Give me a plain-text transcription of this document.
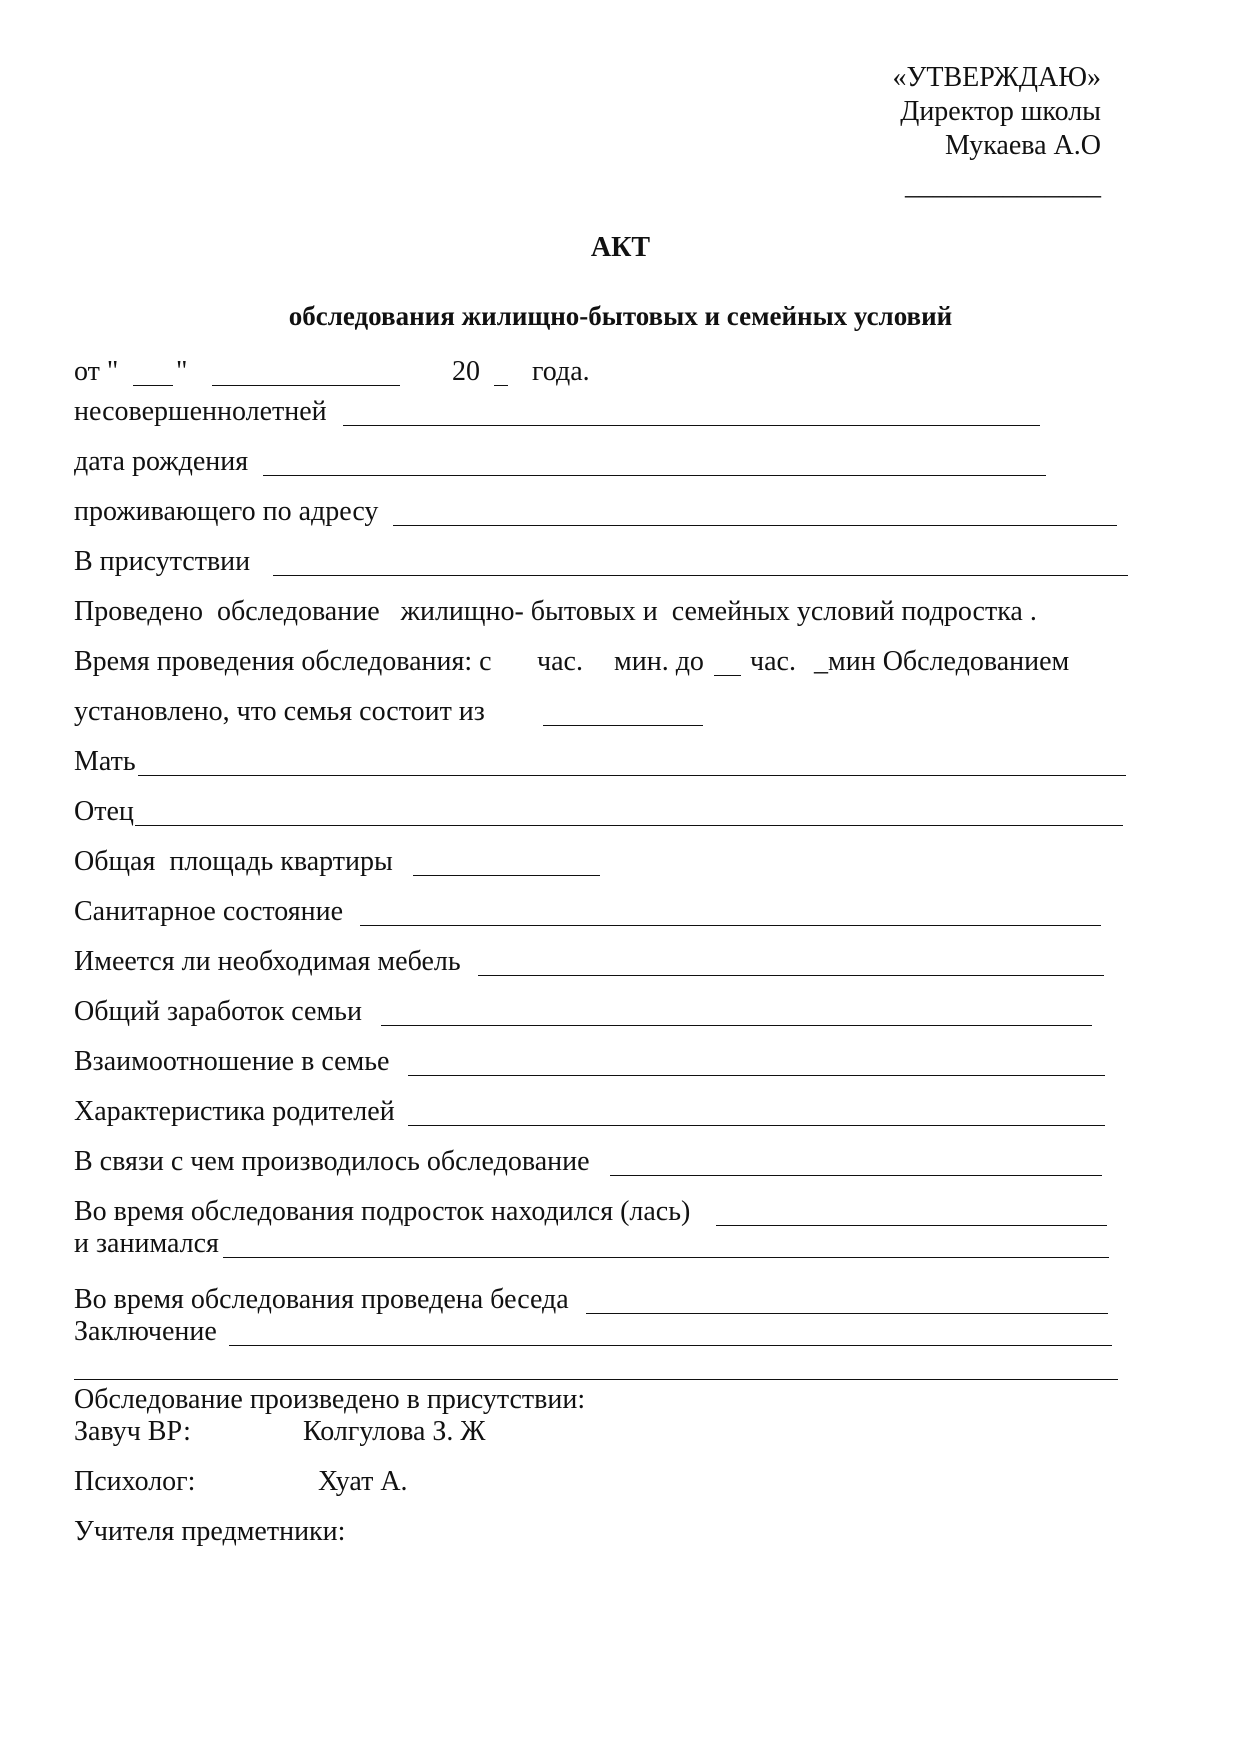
«УТВЕРЖДАЮ»
Директор школы
Мукаева А.О
______________
АКТ
обследования жилищно-бытовых и семейных условий
от " "	20 года.
несовершеннолетней
дата рождения
проживающего по адресу
В присутствии
Проведено  обследование   жилищно- бытовых и  семейных условий подростка .
Время проведения обследования: с час. мин. до час. _мин Обследованием
установлено, что семья состоит из
Мать
Отец
Общая  площадь квартиры
Санитарное состояние
Имеется ли необходимая мебель
Общий заработок семьи
Взаимоотношение в семье
Характеристика родителей
В связи с чем производилось обследование
Во время обследования подросток находился (лась)
и занимался
Во время обследования проведена беседа
Заключение
Обследование произведено в присутствии:
Завуч ВР:	Колгулова З. Ж
Психолог:	Хуат А.
Учителя предметники:
